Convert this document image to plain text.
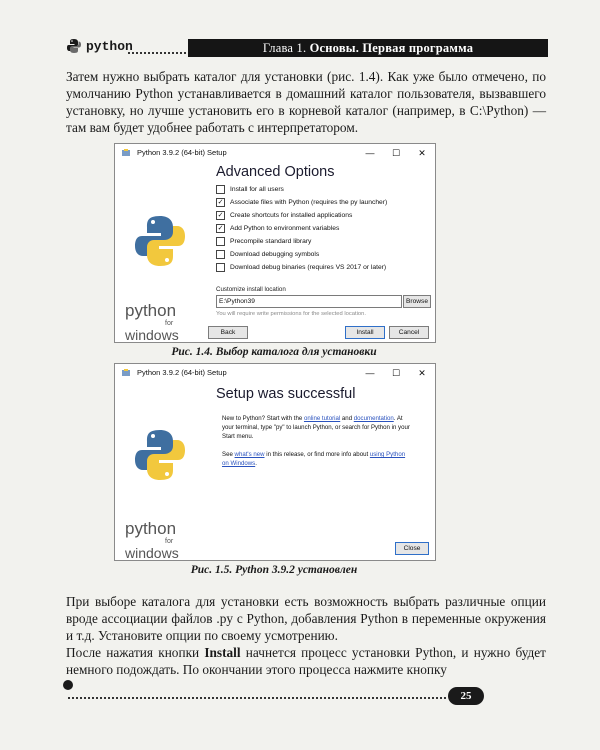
python	Глава 1. Основы. Первая программа
Затем нужно выбрать каталог для установки (рис. 1.4). Как уже было отмечено, по умолчанию Python устанавливается в домашний каталог пользователя, вызвавшего установку, но лучше установить его в корневой каталог (например, в C:\Python) — там вам будет удобнее работать с интерпретатором.
Python 3.9.2 (64-bit) Setup	—	☐	✕
python
for
windows
Advanced Options
Install for all users
✓ Associate files with Python (requires the py launcher)
✓ Create shortcuts for installed applications
✓ Add Python to environment variables
Precompile standard library
Download debugging symbols
Download debug binaries (requires VS 2017 or later)
Customize install location
E:\Python39	Browse
You will require write permissions for the selected location.
Back	Install	Cancel
Рис. 1.4. Выбор каталога для установки
Python 3.9.2 (64-bit) Setup	—	☐	✕
python
for
windows
Setup was successful
New to Python? Start with the online tutorial and documentation. At your terminal, type "py" to launch Python, or search for Python in your Start menu.
See what's new in this release, or find more info about using Python on Windows.
Close
Рис. 1.5. Python 3.9.2 установлен
При выборе каталога для установки есть возможность выбрать различные опции вроде ассоциации файлов .py с Python, добавления Python в переменные окружения и т.д. Установите опции по своему усмотрению.
После нажатия кнопки Install начнется процесс установки Python, и нужно будет немного подождать. По окончании этого процесса нажмите кнопку
25
